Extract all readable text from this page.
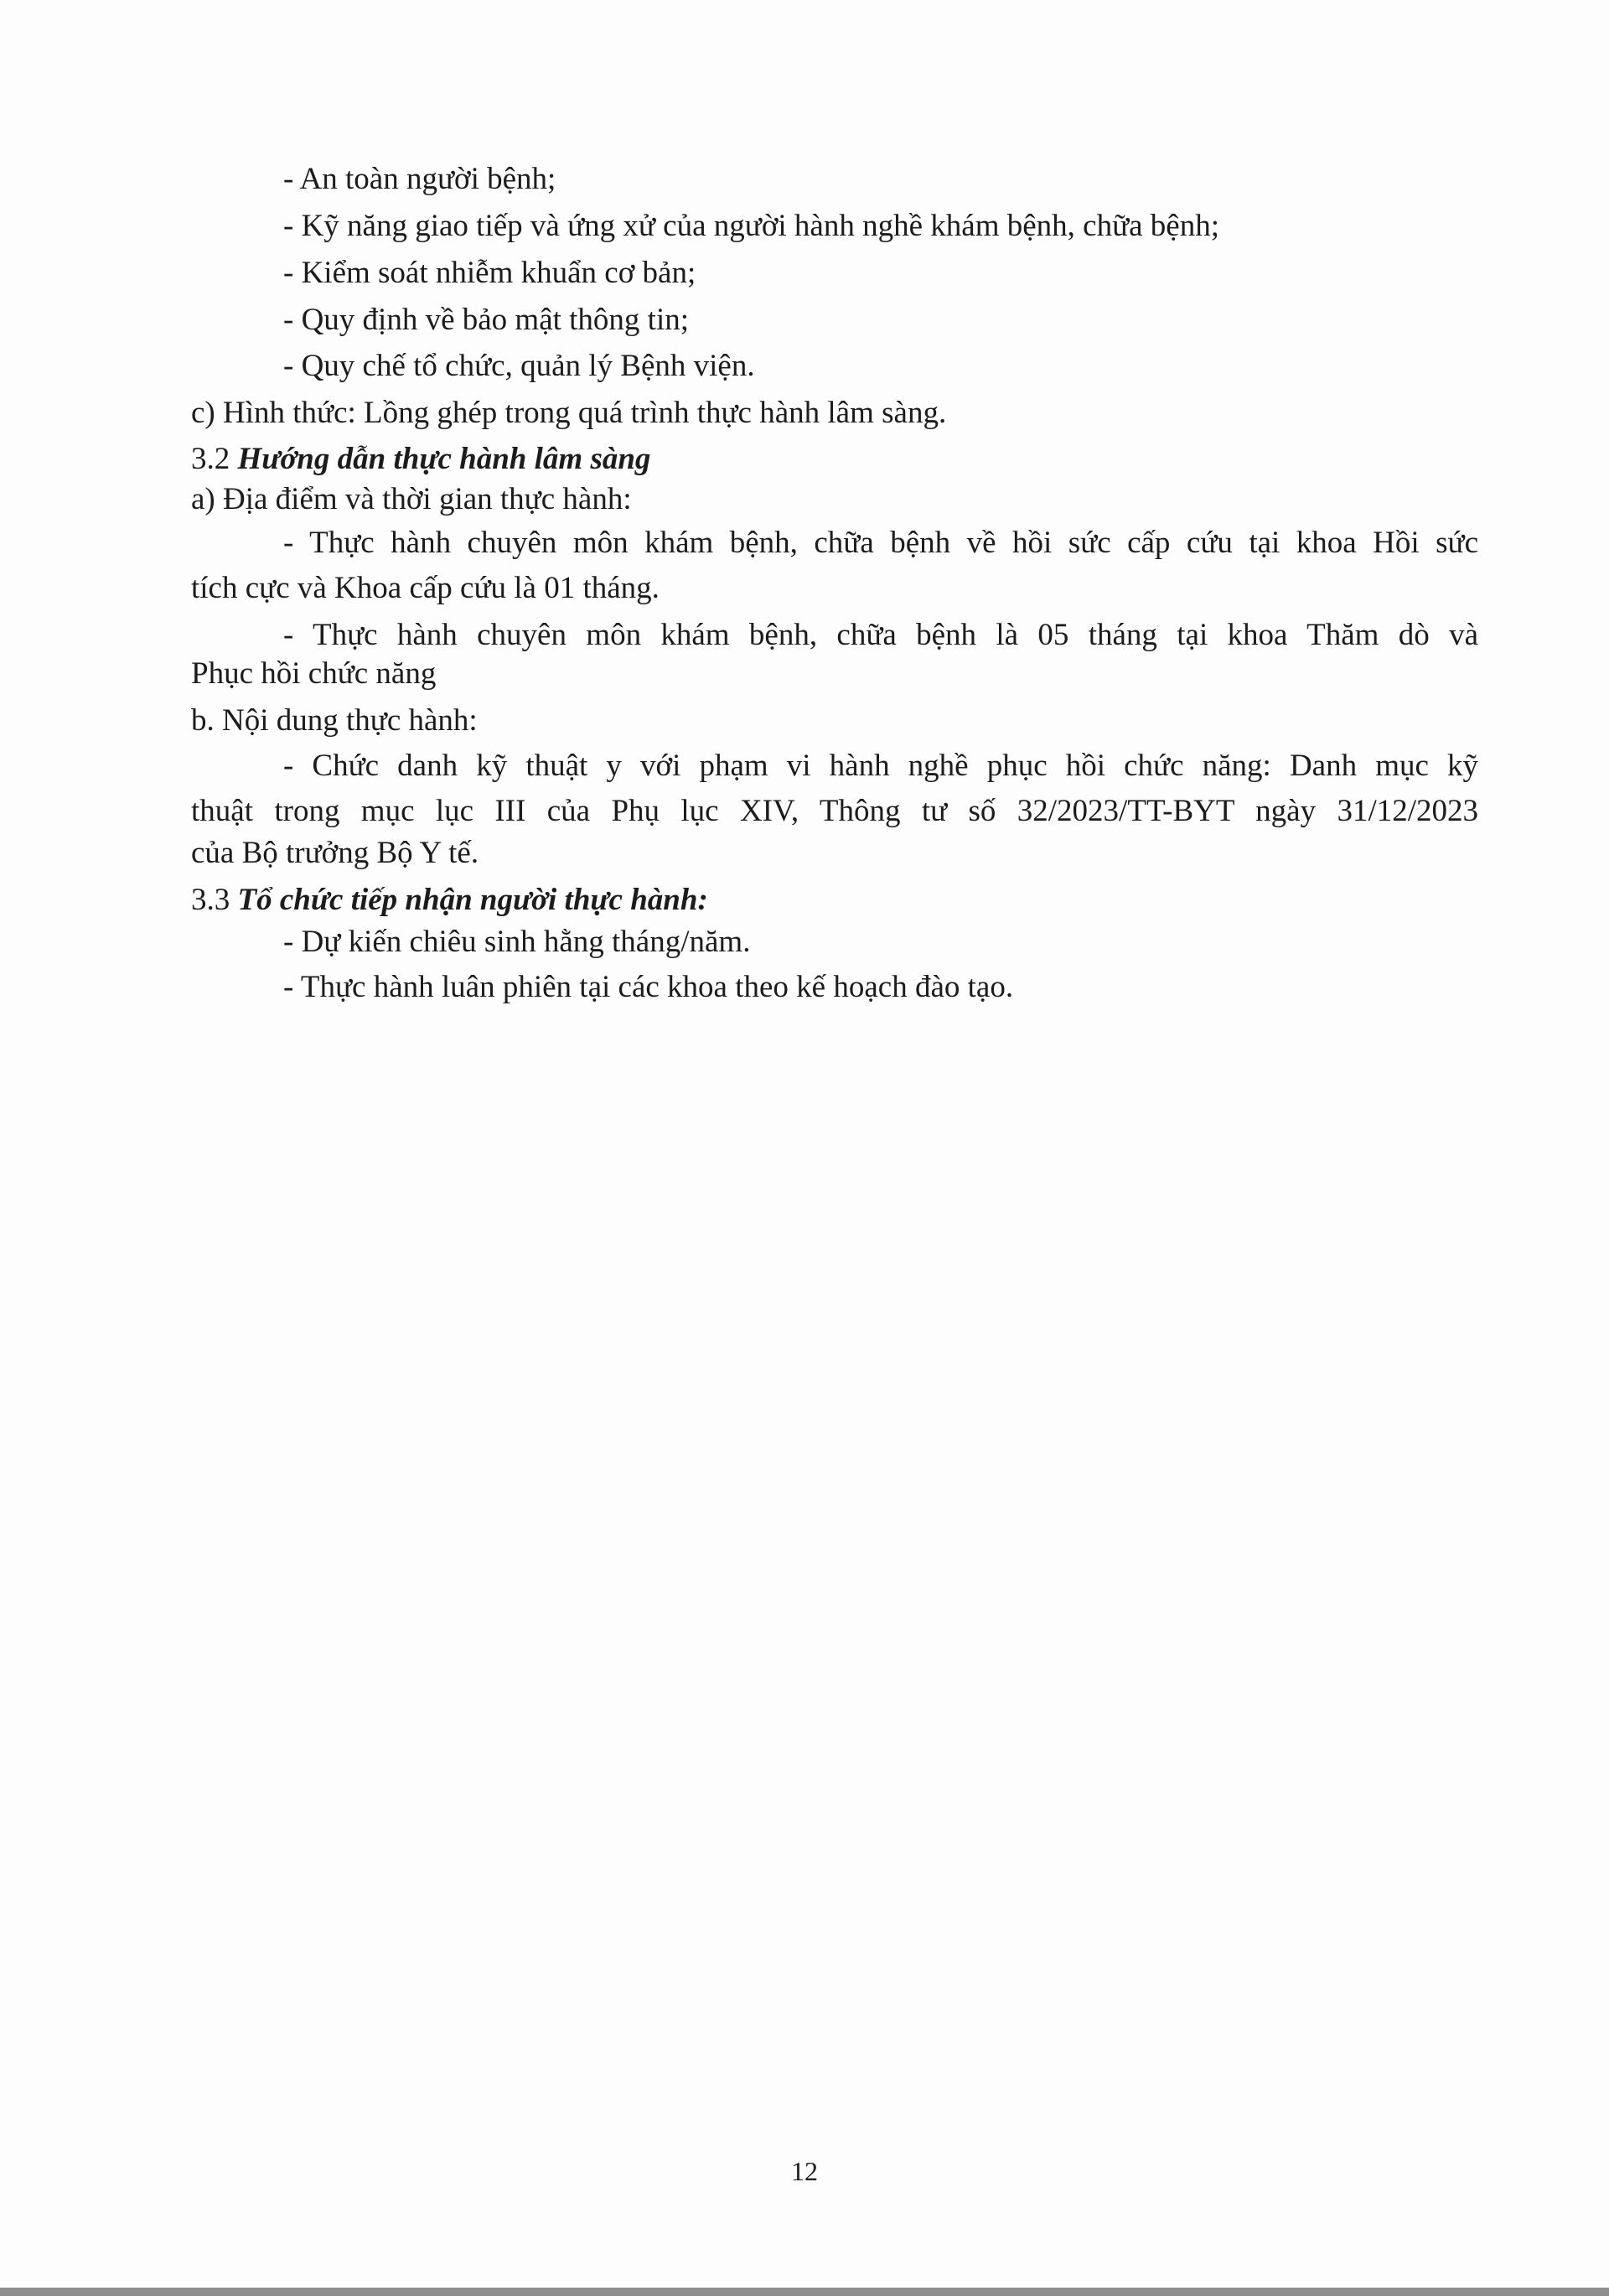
- An toàn người bệnh;
- Kỹ năng giao tiếp và ứng xử của người hành nghề khám bệnh, chữa bệnh;
- Kiểm soát nhiễm khuẩn cơ bản;
- Quy định về bảo mật thông tin;
- Quy chế tổ chức, quản lý Bệnh viện.
c) Hình thức: Lồng ghép trong quá trình thực hành lâm sàng.
3.2 Hướng dẫn thực hành lâm sàng
a) Địa điểm và thời gian thực hành:
- Thực hành chuyên môn khám bệnh, chữa bệnh về hồi sức cấp cứu tại khoa Hồi sức
tích cực và Khoa cấp cứu là 01 tháng.
- Thực hành chuyên môn khám bệnh, chữa bệnh là 05 tháng tại khoa Thăm dò và
Phục hồi chức năng
b. Nội dung thực hành:
- Chức danh kỹ thuật y với phạm vi hành nghề phục hồi chức năng: Danh mục kỹ
thuật trong mục lục III của Phụ lục XIV, Thông tư số 32/2023/TT-BYT ngày 31/12/2023
của Bộ trưởng Bộ Y tế.
3.3 Tổ chức tiếp nhận người thực hành:
- Dự kiến chiêu sinh hằng tháng/năm.
- Thực hành luân phiên tại các khoa theo kế hoạch đào tạo.
12
